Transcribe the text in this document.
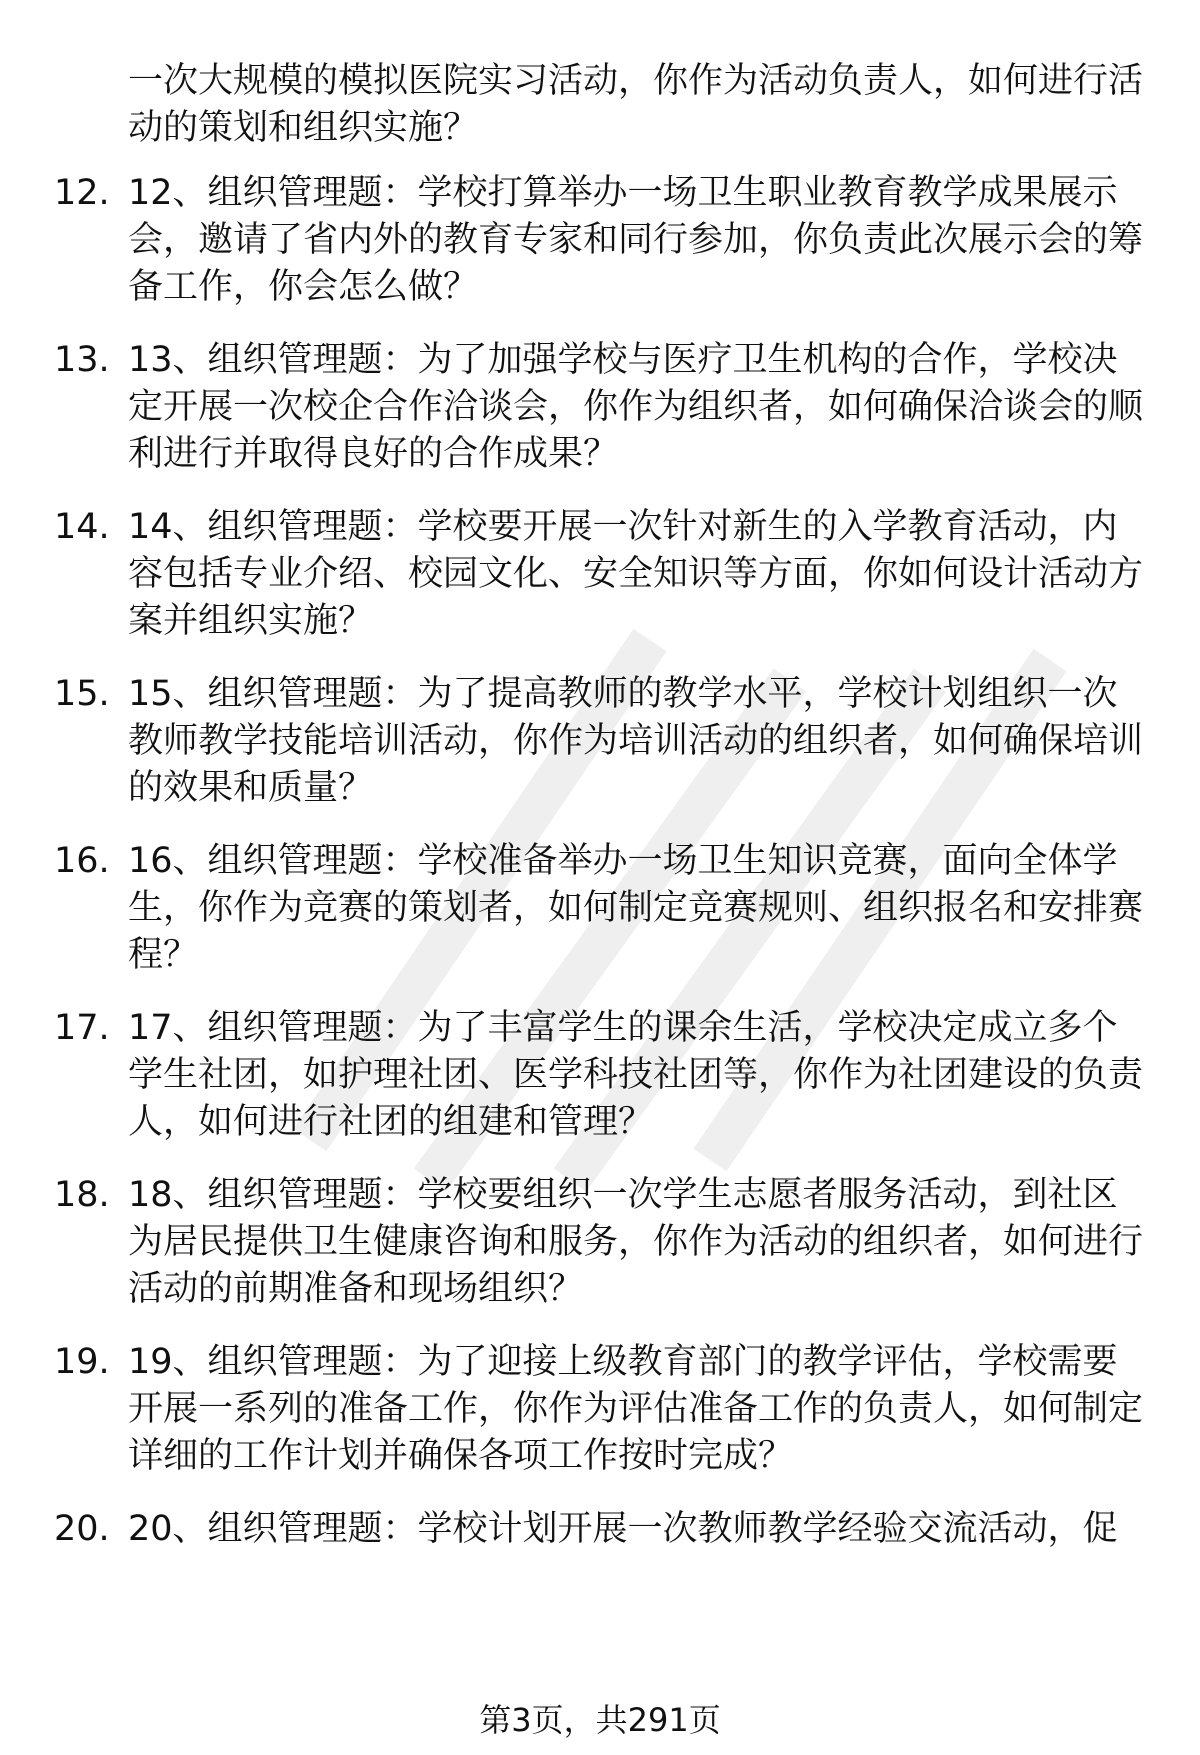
一次大规模的模拟医院实习活动，你作为活动负责人，如何进行活动的策划和组织实施？
12. 12、组织管理题：学校打算举办一场卫生职业教育教学成果展示会，邀请了省内外的教育专家和同行参加，你负责此次展示会的筹备工作，你会怎么做？
13. 13、组织管理题：为了加强学校与医疗卫生机构的合作，学校决定开展一次校企合作洽谈会，你作为组织者，如何确保洽谈会的顺利进行并取得良好的合作成果？
14. 14、组织管理题：学校要开展一次针对新生的入学教育活动，内容包括专业介绍、校园文化、安全知识等方面，你如何设计活动方案并组织实施？
15. 15、组织管理题：为了提高教师的教学水平，学校计划组织一次教师教学技能培训活动，你作为培训活动的组织者，如何确保培训的效果和质量？
16. 16、组织管理题：学校准备举办一场卫生知识竞赛，面向全体学生，你作为竞赛的策划者，如何制定竞赛规则、组织报名和安排赛程？
17. 17、组织管理题：为了丰富学生的课余生活，学校决定成立多个学生社团，如护理社团、医学科技社团等，你作为社团建设的负责人，如何进行社团的组建和管理？
18. 18、组织管理题：学校要组织一次学生志愿者服务活动，到社区为居民提供卫生健康咨询和服务，你作为活动的组织者，如何进行活动的前期准备和现场组织？
19. 19、组织管理题：为了迎接上级教育部门的教学评估，学校需要开展一系列的准备工作，你作为评估准备工作的负责人，如何制定详细的工作计划并确保各项工作按时完成？
20. 20、组织管理题：学校计划开展一次教师教学经验交流活动，促
第3页，共291页
